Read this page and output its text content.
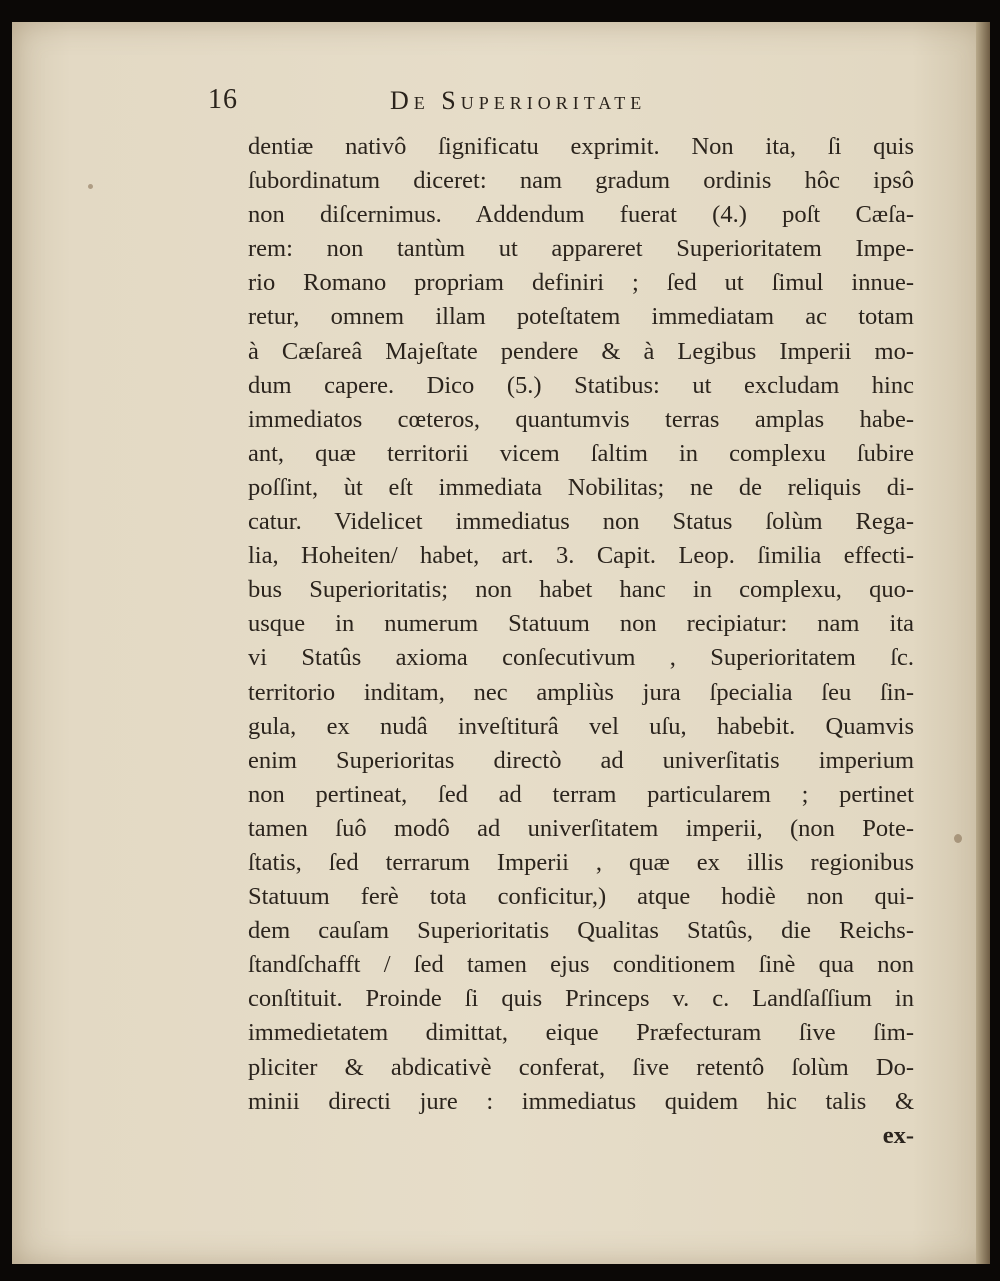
16	De Superioritate
dentiæ nativô ſignificatu exprimit. Non ita, ſi quis
ſubordinatum diceret: nam gradum ordinis hôc ipsô
non diſcernimus. Addendum fuerat (4.) poſt Cæſa-
rem: non tantùm ut appareret Superioritatem Impe-
rio Romano propriam definiri ; ſed ut ſimul innue-
retur, omnem illam poteſtatem immediatam ac totam
à Cæſareâ Majeſtate pendere & à Legibus Imperii mo-
dum capere. Dico (5.) Statibus: ut excludam hinc
immediatos cœteros, quantumvis terras amplas habe-
ant, quæ territorii vicem ſaltim in complexu ſubire
poſſint, ùt eſt immediata Nobilitas; ne de reliquis di-
catur. Videlicet immediatus non Status ſolùm Rega-
lia, Hoheiten/ habet, art. 3. Capit. Leop. ſimilia effecti-
bus Superioritatis; non habet hanc in complexu, quo-
usque in numerum Statuum non recipiatur: nam ita
vi Statûs axioma conſecutivum , Superioritatem ſc.
territorio inditam, nec ampliùs jura ſpecialia ſeu ſin-
gula, ex nudâ inveſtiturâ vel uſu, habebit. Quamvis
enim Superioritas directò ad univerſitatis imperium
non pertineat, ſed ad terram particularem ; pertinet
tamen ſuô modô ad univerſitatem imperii, (non Pote-
ſtatis, ſed terrarum Imperii , quæ ex illis regionibus
Statuum ferè tota conficitur,) atque hodiè non qui-
dem cauſam Superioritatis Qualitas Statûs, die Reichs-
ſtandſchafft / ſed tamen ejus conditionem ſinè qua non
conſtituit. Proinde ſi quis Princeps v. c. Landſaſſium in
immedietatem dimittat, eique Præfecturam ſive ſim-
pliciter & abdicativè conferat, ſive retentô ſolùm Do-
minii directi jure : immediatus quidem hic talis &
ex-
